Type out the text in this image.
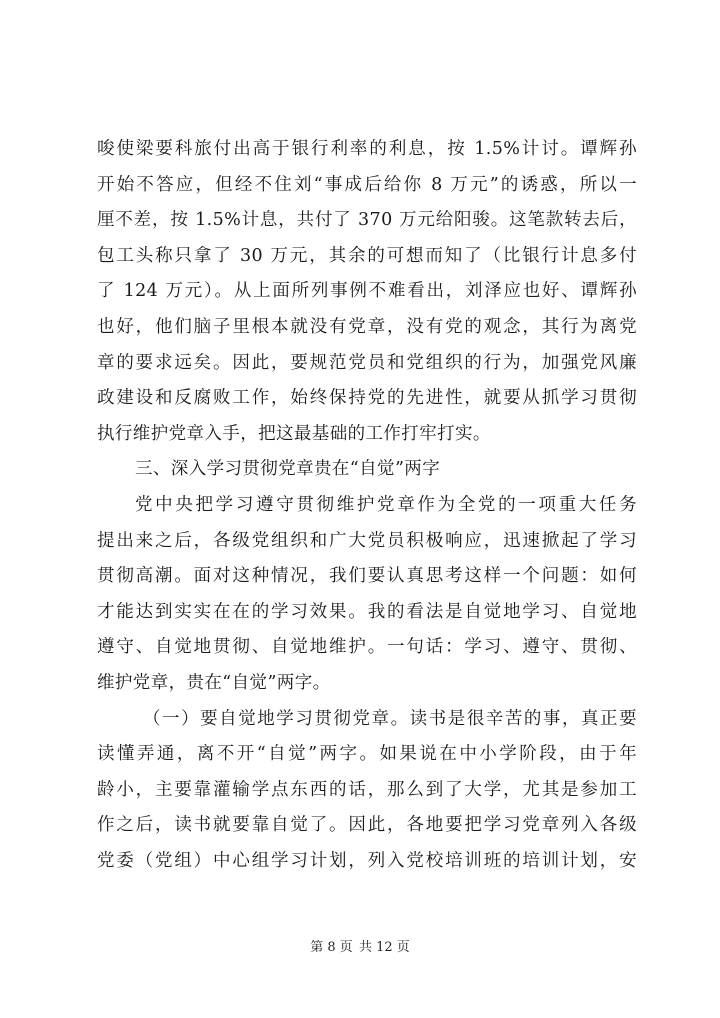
唆使梁要科旅付出高于银行利率的利息，按 1.5%计讨。谭辉孙
开始不答应，但经不住刘“事成后给你 8 万元”的诱惑，所以一
厘不差，按 1.5%计息，共付了 370 万元给阳骏。这笔款转去后，
包工头称只拿了 30 万元，其余的可想而知了（比银行计息多付
了 124 万元）。从上面所列事例不难看出，刘泽应也好、谭辉孙
也好，他们脑子里根本就没有党章，没有党的观念，其行为离党
章的要求远矣。因此，要规范党员和党组织的行为，加强党风廉
政建设和反腐败工作，始终保持党的先进性，就要从抓学习贯彻
执行维护党章入手，把这最基础的工作打牢打实。
三、深入学习贯彻党章贵在“自觉”两字
党中央把学习遵守贯彻维护党章作为全党的一项重大任务
提出来之后，各级党组织和广大党员积极响应，迅速掀起了学习
贯彻高潮。面对这种情况，我们要认真思考这样一个问题：如何
才能达到实实在在的学习效果。我的看法是自觉地学习、自觉地
遵守、自觉地贯彻、自觉地维护。一句话：学习、遵守、贯彻、
维护党章，贵在“自觉”两字。
（一）要自觉地学习贯彻党章。读书是很辛苦的事，真正要
读懂弄通，离不开“自觉”两字。如果说在中小学阶段，由于年
龄小，主要靠灌输学点东西的话，那么到了大学，尤其是参加工
作之后，读书就要靠自觉了。因此，各地要把学习党章列入各级
党委（党组）中心组学习计划，列入党校培训班的培训计划，安
第 8 页 共 12 页
